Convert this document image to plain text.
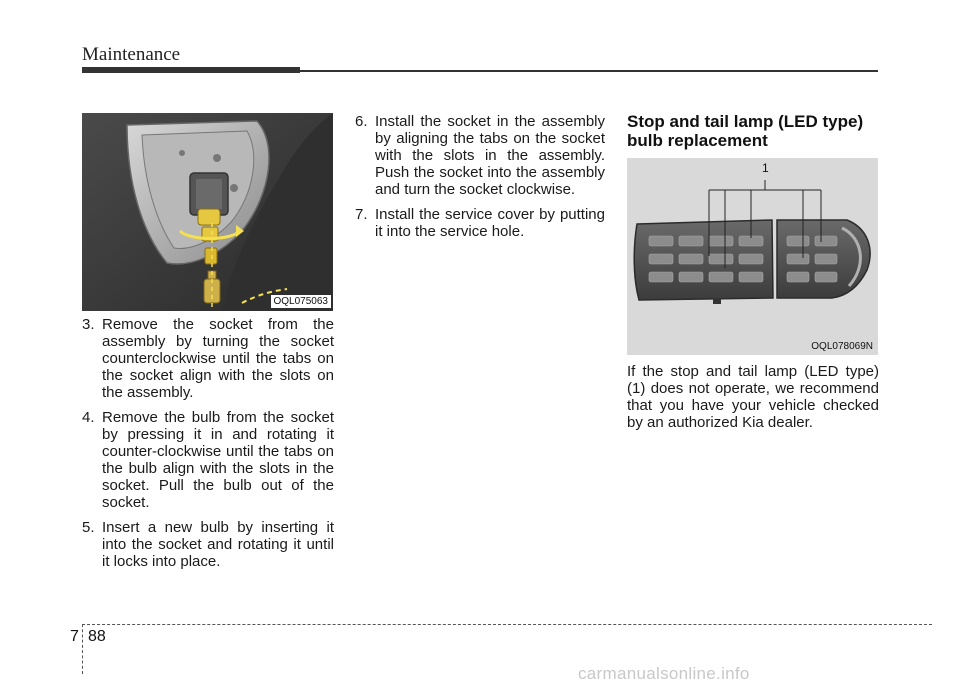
Maintenance
OQL075063
3. Remove the socket from the assembly by turning the socket counterclockwise until the tabs on the socket align with the slots on the assembly.
4. Remove the bulb from the socket by pressing it in and rotating it counter-clockwise until the tabs on the bulb align with the slots in the socket. Pull the bulb out of the socket.
5. Insert a new bulb by inserting it into the socket and rotating it until it locks into place.
6. Install the socket in the assembly by aligning the tabs on the socket with the slots in the assembly. Push the socket into the assembly and turn the socket clockwise.
7. Install the service cover by putting it into the service hole.
Stop and tail lamp (LED type) bulb replacement
1
OQL078069N
If the stop and tail lamp (LED type) (1) does not operate, we recommend that you have your vehicle checked by an authorized Kia dealer.
7 88
carmanualsonline.info
